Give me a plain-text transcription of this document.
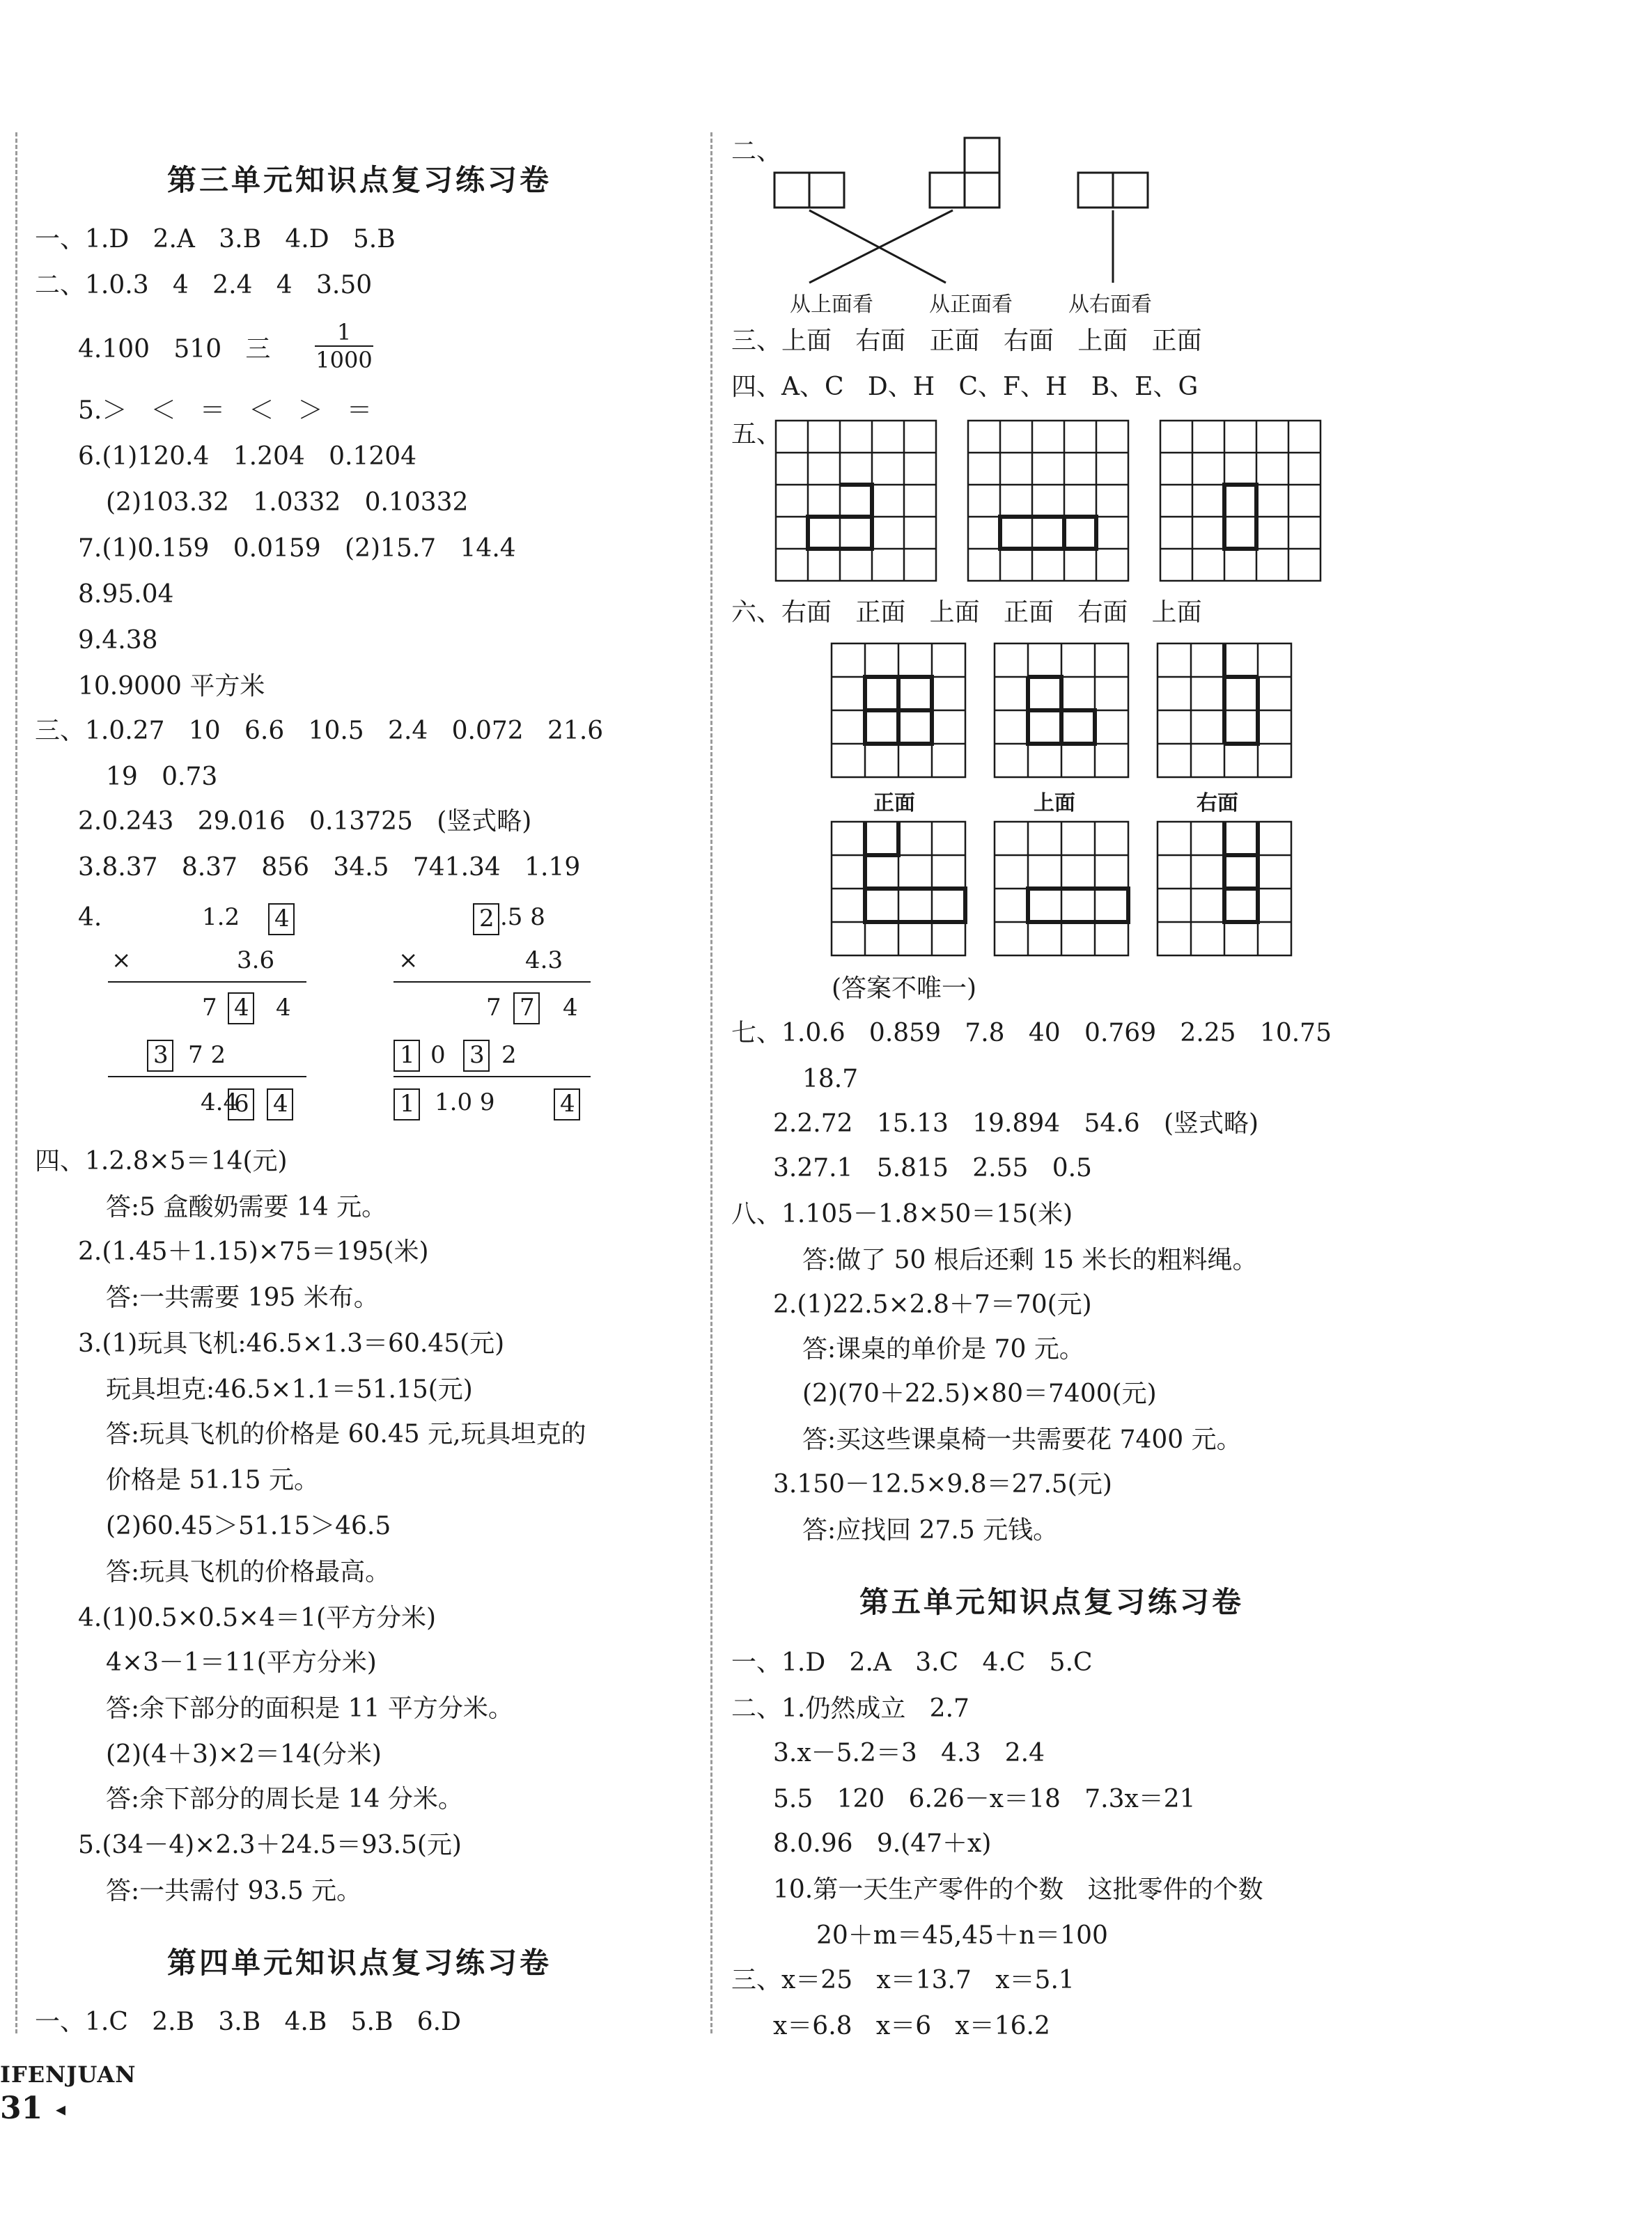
第三单元知识点复习练习卷
一、1.D   2.A   3.B   4.D   5.B
二、1.0.3   4   2.4   4   3.50
4.100   510   三 $\frac{1}{1000}$
5.＞   ＜   ＝   ＜   ＞   ＝
6.(1)120.4   1.204   0.1204
(2)103.32   1.0332   0.10332
7.(1)0.159   0.0159   (2)15.7   14.4
8.95.04
9.4.38
10.9000 平方米
三、1.0.27   10   6.6   10.5   2.4   0.072   21.6
19   0.73
2.0.243   29.016   0.13725   (竖式略)
3.8.37   8.37   856   34.5   741.34   1.19
4.	1.2 4
×	3.6
7 4 4
3 7 2
4.4
6 4
2 .5 8
×	4.3
7 7 4
1 0 3 2
1 1.0 9	4
四、1.2.8×5＝14(元)
答:5 盒酸奶需要 14 元。
2.(1.45＋1.15)×75＝195(米)
答:一共需要 195 米布。
3.(1)玩具飞机:46.5×1.3＝60.45(元)
玩具坦克:46.5×1.1＝51.15(元)
答:玩具飞机的价格是 60.45 元,玩具坦克的
价格是 51.15 元。
(2)60.45＞51.15＞46.5
答:玩具飞机的价格最高。
4.(1)0.5×0.5×4＝1(平方分米)
4×3－1＝11(平方分米)
答:余下部分的面积是 11 平方分米。
(2)(4＋3)×2＝14(分米)
答:余下部分的周长是 14 分米。
5.(34－4)×2.3＋24.5＝93.5(元)
答:一共需付 93.5 元。
第四单元知识点复习练习卷
一、1.C   2.B   3.B   4.B   5.B   6.D
IFENJUAN
31 ◂
二、
从上面看	从正面看	从右面看
三、上面   右面   正面   右面   上面   正面
四、A、C   D、H   C、F、H   B、E、G
五、
六、右面   正面   上面   正面   右面   上面
正面	上面	右面
(答案不唯一)
七、1.0.6   0.859   7.8   40   0.769   2.25   10.75
18.7
2.2.72   15.13   19.894   54.6   (竖式略)
3.27.1   5.815   2.55   0.5
八、1.105－1.8×50＝15(米)
答:做了 50 根后还剩 15 米长的粗料绳。
2.(1)22.5×2.8＋7＝70(元)
答:课桌的单价是 70 元。
(2)(70＋22.5)×80＝7400(元)
答:买这些课桌椅一共需要花 7400 元。
3.150－12.5×9.8＝27.5(元)
答:应找回 27.5 元钱。
第五单元知识点复习练习卷
一、1.D   2.A   3.C   4.C   5.C
二、1.仍然成立   2.7
3.x－5.2＝3   4.3   2.4
5.5   120   6.26－x＝18   7.3x＝21
8.0.96   9.(47＋x)
10.第一天生产零件的个数   这批零件的个数
20＋m＝45,45＋n＝100
三、x＝25   x＝13.7   x＝5.1
x＝6.8   x＝6   x＝16.2
